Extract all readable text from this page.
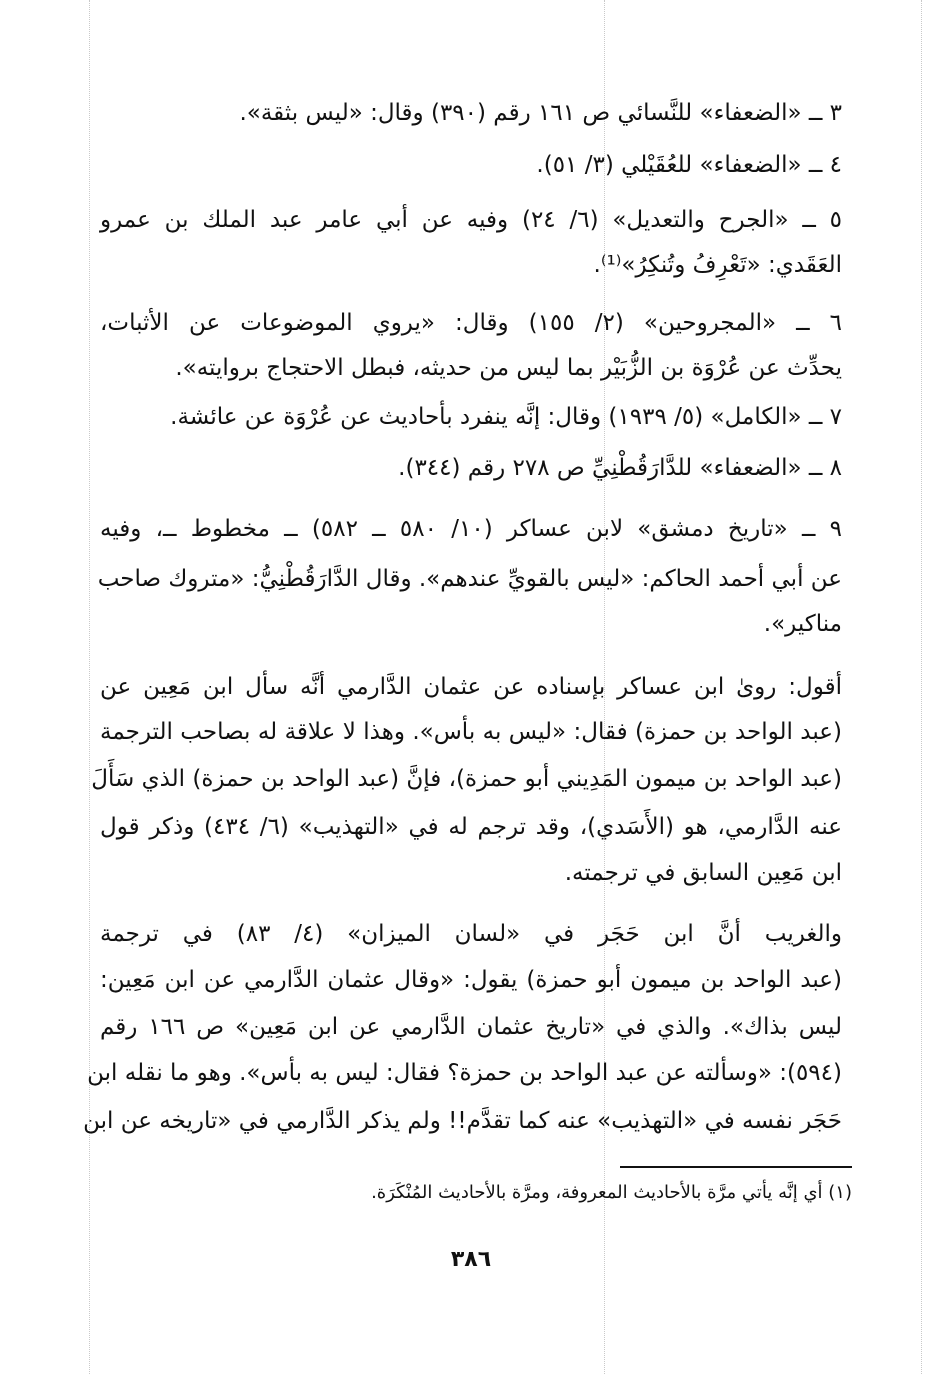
٣ ــ «الضعفاء» للنَّسائي ص ١٦١ رقم (٣٩٠) وقال: «ليس بثقة».
٤ ــ «الضعفاء» للعُقَيْلي (٣/ ٥١).
٥ ــ «الجرح والتعديل» (٦/ ٢٤) وفيه عن أبي عامر عبد الملك بن عمرو
العَقَدي: «تَعْرِفُ وتُنكِرُ»⁽¹⁾.
٦ ــ «المجروحين» (٢/ ١٥٥) وقال: «يروي الموضوعات عن الأثبات،
يحدِّث عن عُرْوَة بن الزُّبَيْر بما ليس من حديثه، فبطل الاحتجاج بروايته».
٧ ــ «الكامل» (٥/ ١٩٣٩) وقال: إنَّه ينفرد بأحاديث عن عُرْوَة عن عائشة.
٨ ــ «الضعفاء» للدَّارَقُطْنِيِّ ص ٢٧٨ رقم (٣٤٤).
٩ ــ «تاريخ دمشق» لابن عساكر (١٠/ ٥٨٠ ــ ٥٨٢) ــ مخطوط ــ، وفيه
عن أبي أحمد الحاكم: «ليس بالقويِّ عندهم». وقال الدَّارَقُطْنِيُّ: «متروك صاحب
مناكير».
أقول: روىٰ ابن عساكر بإسناده عن عثمان الدَّارمي أنَّه سأل ابن مَعِين عن
(عبد الواحد بن حمزة) فقال: «ليس به بأس». وهذا لا علاقة له بصاحب الترجمة
(عبد الواحد بن ميمون المَدِيني أبو حمزة)، فإنَّ (عبد الواحد بن حمزة) الذي سَأَلَ
عنه الدَّارمي، هو (الأَسَدي)، وقد ترجم له في «التهذيب» (٦/ ٤٣٤) وذكر قول
ابن مَعِين السابق في ترجمته.
والغريب أنَّ ابن حَجَر في «لسان الميزان» (٤/ ٨٣) في ترجمة
(عبد الواحد بن ميمون أبو حمزة) يقول: «وقال عثمان الدَّارمي عن ابن مَعِين:
ليس بذاك». والذي في «تاريخ عثمان الدَّارمي عن ابن مَعِين» ص ١٦٦ رقم
(٥٩٤): «وسألته عن عبد الواحد بن حمزة؟ فقال: ليس به بأس». وهو ما نقله ابن
حَجَر نفسه في «التهذيب» عنه كما تقدَّم!! ولم يذكر الدَّارمي في «تاريخه عن ابن
(١) أي إنَّه يأتي مرَّة بالأحاديث المعروفة، ومرَّة بالأحاديث المُنْكَرَة.
٣٨٦
